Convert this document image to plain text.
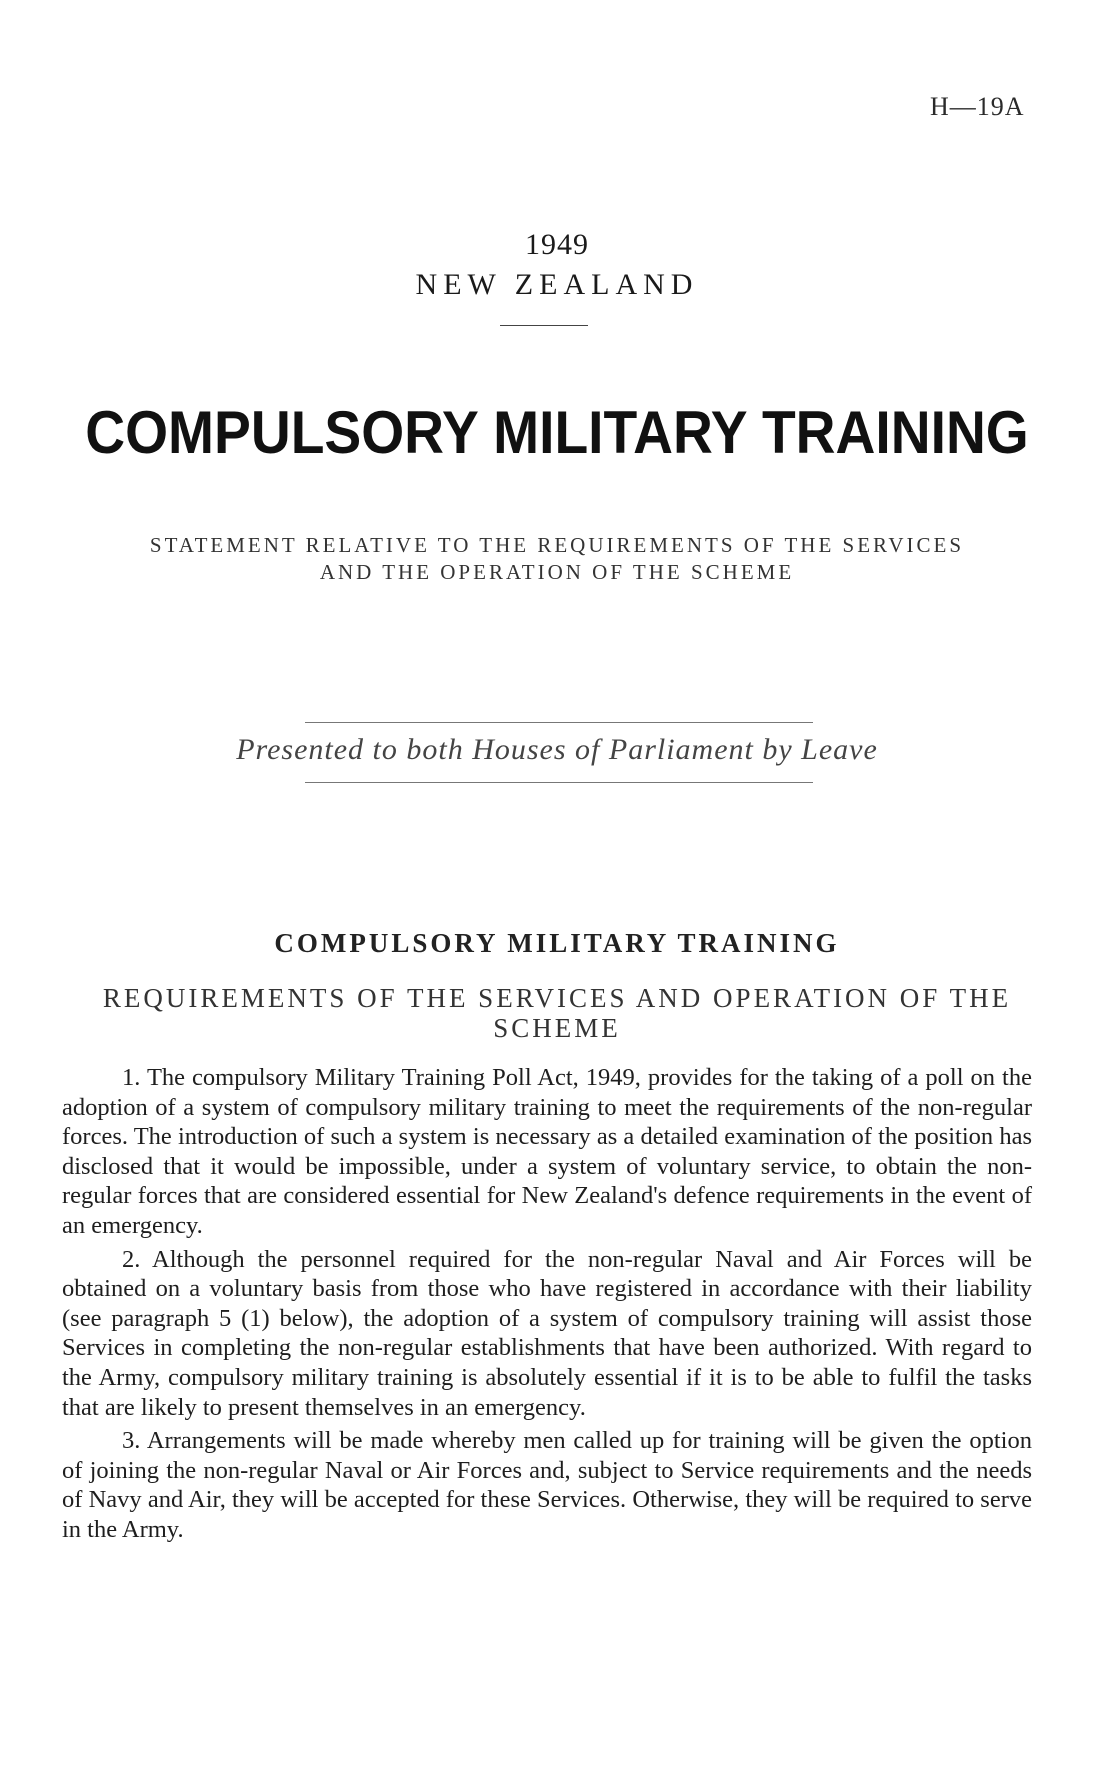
H—19A
1949
NEW ZEALAND
COMPULSORY MILITARY TRAINING
STATEMENT RELATIVE TO THE REQUIREMENTS OF THE SERVICES
AND THE OPERATION OF THE SCHEME
Presented to both Houses of Parliament by Leave
COMPULSORY MILITARY TRAINING
REQUIREMENTS OF THE SERVICES AND OPERATION OF THE
SCHEME

1. The compulsory Military Training Poll Act, 1949, provides for the taking of a poll on the adoption of a system of compulsory military training to meet the requirements of the non-regular forces. The introduction of such a system is necessary as a detailed examination of the position has disclosed that it would be impossible, under a system of voluntary service, to obtain the non-regular forces that are considered essential for New Zealand's defence requirements in the event of an emergency.

2. Although the personnel required for the non-regular Naval and Air Forces will be obtained on a voluntary basis from those who have registered in accordance with their liability (see paragraph 5 (1) below), the adoption of a system of compulsory training will assist those Services in completing the non-regular establishments that have been authorized. With regard to the Army, compulsory military training is absolutely essential if it is to be able to fulfil the tasks that are likely to present themselves in an emergency.

3. Arrangements will be made whereby men called up for training will be given the option of joining the non-regular Naval or Air Forces and, subject to Service requirements and the needs of Navy and Air, they will be accepted for these Services. Otherwise, they will be required to serve in the Army.
